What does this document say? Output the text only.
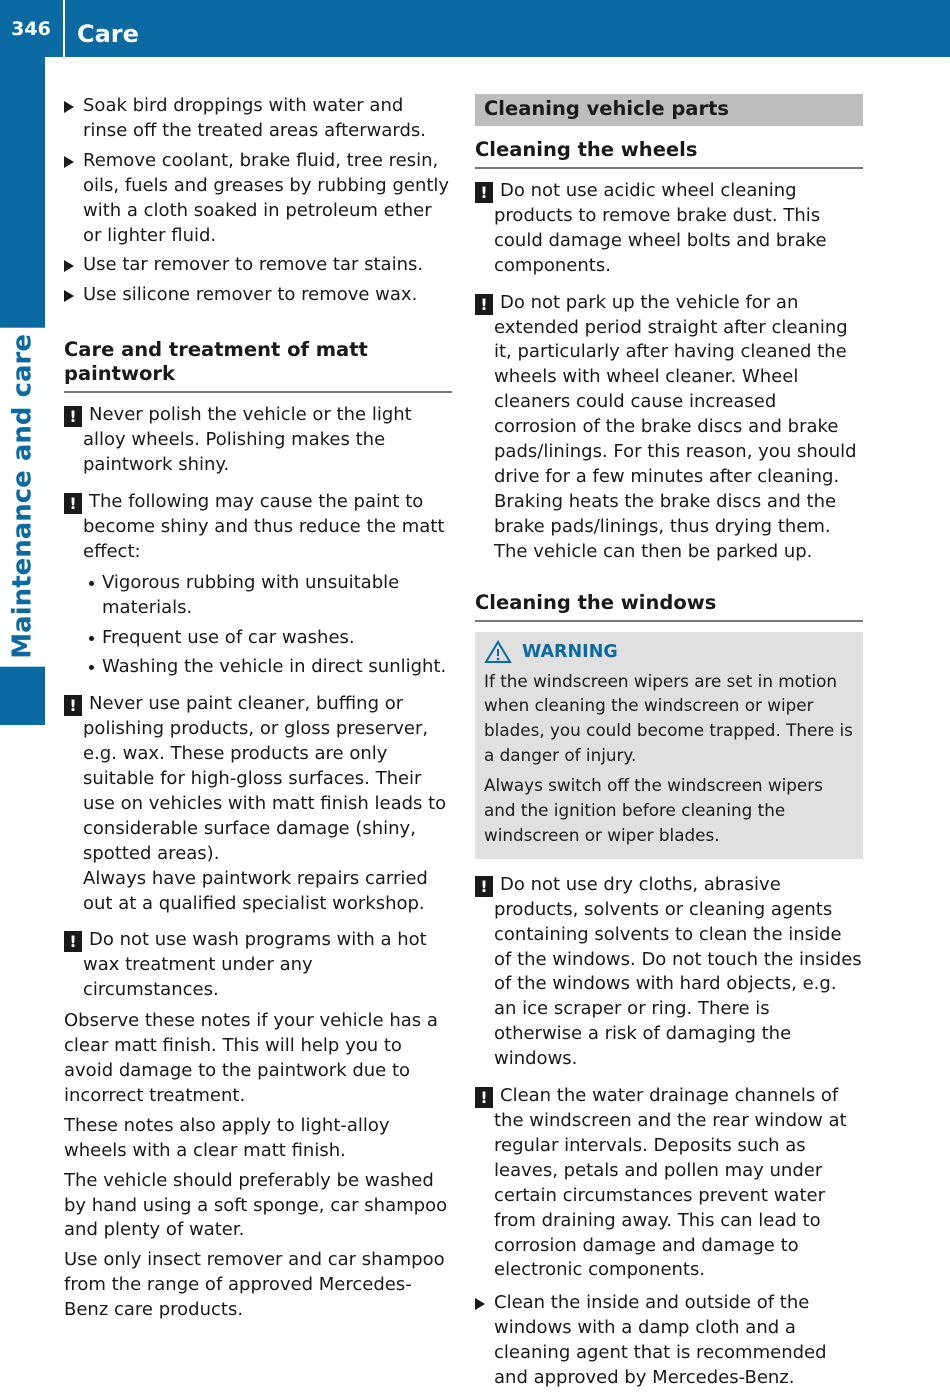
346	Care
Maintenance and care
Soak bird droppings with water and rinse off the treated areas afterwards.
Remove coolant, brake fluid, tree resin, oils, fuels and greases by rubbing gently with a cloth soaked in petroleum ether or lighter fluid.
Use tar remover to remove tar stains.
Use silicone remover to remove wax.
Care and treatment of matt paintwork

! Never polish the vehicle or the light alloy wheels. Polishing makes the paintwork shiny.

! The following may cause the paint to become shiny and thus reduce the matt effect:

Vigorous rubbing with unsuitable materials.
Frequent use of car washes.
Washing the vehicle in direct sunlight.

! Never use paint cleaner, buffing or polishing products, or gloss preserver, e.g. wax. These products are only suitable for high-gloss surfaces. Their use on vehicles with matt finish leads to considerable surface damage (shiny, spotted areas).

Always have paintwork repairs carried out at a qualified specialist workshop.

! Do not use wash programs with a hot wax treatment under any circumstances.

Observe these notes if your vehicle has a clear matt finish. This will help you to avoid damage to the paintwork due to incorrect treatment.

These notes also apply to light-alloy wheels with a clear matt finish.

The vehicle should preferably be washed by hand using a soft sponge, car shampoo and plenty of water.

Use only insect remover and car shampoo from the range of approved Mercedes-Benz care products.

Cleaning vehicle parts
Cleaning the wheels

! Do not use acidic wheel cleaning products to remove brake dust. This could damage wheel bolts and brake components.

! Do not park up the vehicle for an extended period straight after cleaning it, particularly after having cleaned the wheels with wheel cleaner. Wheel cleaners could cause increased corrosion of the brake discs and brake pads/linings. For this reason, you should drive for a few minutes after cleaning. Braking heats the brake discs and the brake pads/linings, thus drying them. The vehicle can then be parked up.

Cleaning the windows
WARNING

If the windscreen wipers are set in motion when cleaning the windscreen or wiper blades, you could become trapped. There is a danger of injury.

Always switch off the windscreen wipers and the ignition before cleaning the windscreen or wiper blades.

! Do not use dry cloths, abrasive products, solvents or cleaning agents containing solvents to clean the inside of the windows. Do not touch the insides of the windows with hard objects, e.g. an ice scraper or ring. There is otherwise a risk of damaging the windows.

! Clean the water drainage channels of the windscreen and the rear window at regular intervals. Deposits such as leaves, petals and pollen may under certain circumstances prevent water from draining away. This can lead to corrosion damage and damage to electronic components.

Clean the inside and outside of the windows with a damp cloth and a cleaning agent that is recommended and approved by Mercedes-Benz.
